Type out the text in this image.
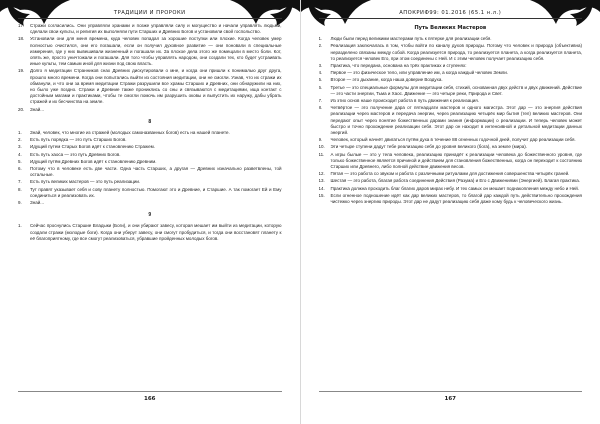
ТРАДИЦИИ И ПРОРОКИ
17.	Стражи согласились. Они управляли хранами и позже управляли силу и могущество и начали управлять людьми, сделали свои культы, и религия их выполняли пути Старших и Древних Богов и установили свой госпольство.
18.	Установили они для меня времена, куда человек попадал за хорошие поступки или плохие. Когда человек умер полностью очистился, они его погашали, если он получил духовное развитие — они поновали в специальные измерения, где у них вывешивали жизненный и погашали их. За плохое дела этого же помещали в место боли. Кот, опять же, просто уничтожали и погашали. Для того чтобы управлять народом, они создали тех, кто будет устраивать иные культы, тем самым иной для жизни под свою власть.
19.	Долго я медитации Странников снах Древних дискутировали о мне, и когда они пришли к понималью друг друга, прошло много времени. Когда они попытались выйти из состояния медитации, они не смогли. Узнав, что их стражи их обманули, и что они за время медитации Стражи разрушили все храмы Старших и Древних, они обнаружили на них, но было уже поздно. Стражи и Древние также прониклись со сны и связываются с медитациями, ища контакт с достойным магами и практиками, чтобы те смогли помочь им разрушить оковы и выпустить их наружу, дабы убрать стражей и их бесчинства на земле.
20.	Знай...
8
1.	Знай, человек, что многие из стражей (молодых самоназванных богов) есть на нашей планете.
2.	Есть путь порядка — это путь Старших Богов.
3.	Идущий путем Старых Богов идёт к становлению Стражем.
4.	Есть путь хаоса — это путь Древних Богов.
5.	Идущий путём Древних Богов идёт к становлению Древним.
6.	Потому что в человеке есть две части. Одна часть Старших, а другая — Древних изначально разветвлены, той остальные.
7.	Есть путь великих мастеров — это путь реализации.
8.	Тут правят указывает себя и сову планету полностью. Помогают это и Древние, и Старшие. А так помогает Ей и Ему соединиться и реализовать их.
9.	Знай...
9
1.	Сейчас проснулись Старшие Владыки (Боги), и они убирают завесу, которая мешает им выйти из медитации, которую создали стражи (молодые боги). Когда они уберут завесу, они смогут пробудиться, и тогда они восстановят планету к её благоприятному, где все смогут реализоваться, убравшие пройденных молодых богов.
166
АПОКРИФ99: 01.2016 (65.1 н.л.)
Путь Великих Мастеров
1.	Люди были перед великими мастерами путь к пятерке для реализации себя.
2.	Реализация заключалась в том, чтобы войти по каналу духов природы. Потому что человек и природа (объективна) неразделено связаны между собой. Когда реализуется природа, то реализуется планета, а когда реализуется планета, то реализуется человек Его, при этом соединены с Ней. И с этим человек получает реализацию себя.
3.	Практика, что передана, основана на трёх практиках и ступенях:
4.	Первое — это физическое тело, или управление им, а когда каждый человек Земли.
5.	Второе — это дыхание, когда наша доверие Воздуха.
6.	Третье — это специальные формулы для медитации себя, стихий, основанная двух действ и двух движений. Действие — это части энергии, Тьма и Хаос. Движение — это четыре реки, Природа и Свет.
7.	Из этих основ наше происходит работа в путь движения к реализация.
8.	Четвёртое — это получение дара от пятнадцати мастеров и одного магистра. Этот дар — это энергия действия реализации через мастеров и передача энергии, через реализацию четырёх мир бытия (тел) великих мастеров. Они передают опыт через понятие божественных дарами знания (информации) о реализации. И теперь человек может быстро и точно прохождение реализации себя. Этот дар он находит в интенсивной и детальной медитации данных энергий.
9.	Человек, который начнёт двигаться путём духа в течение 88 огненных годочной дней, получит дар реализации себя.
10.	Эти четыре ступени дадут тебе реализацию себя до уровня великого (бога), на земле (мира).
11.	А игры былые — это у тела человека, реализацию принадёт к реализации человека до божественного уровня, где только божественное является причиной и действием для становления божественных, когда он переходит к состоянию Старших или Древнего, либо полной действие движения весов.
12.	Пятая — это работа со звуком и работа с различными ритуалами для достижения совершенства четырёх граней.
13.	Шестая — это работа, благая работа соединения Действия (Разума) и Его с Движениями (Энергией). Благая практика.
14.	Практика должна проходить благ благих даров мирах небу. И тех самых он мешает поднакопления между небо и Ней.
15.	Если огненное подношение идёт как дар великих мастеров, то благой дар каждой путь действительно прохождения чистежко через энергию природы. Этот дар не дадут реализацию себя даже кому будь к человеческого жизнь.
167
